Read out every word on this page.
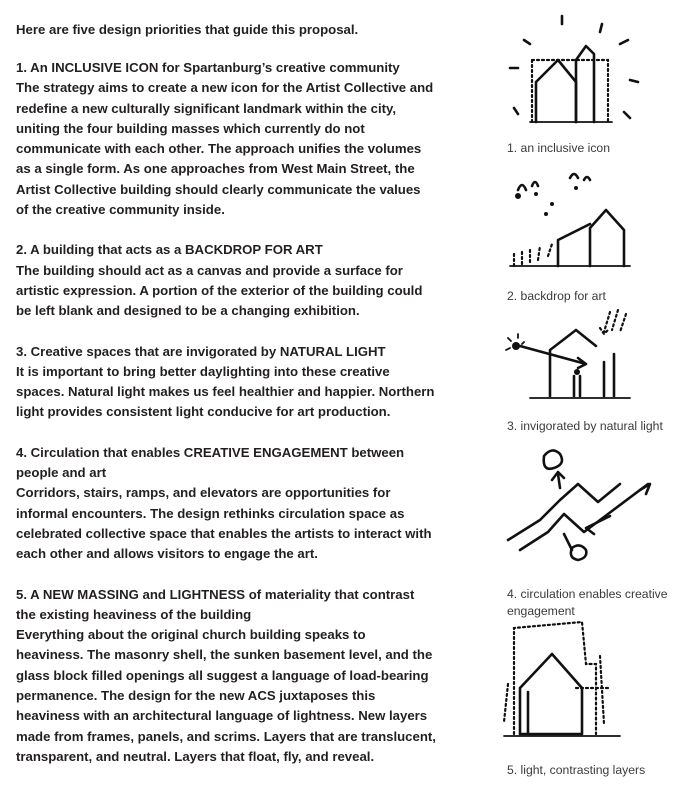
Here are five design priorities that guide this proposal.

1. An INCLUSIVE ICON for Spartanburg’s creative community

The strategy aims to create a new icon for the Artist Collective and redefine a new culturally significant landmark within the city, uniting the four building masses which currently do not communicate with each other. The approach unifies the volumes as a single form. As one approaches from West Main Street, the Artist Collective building should clearly communicate the values of the creative community inside.

2. A building that acts as a BACKDROP FOR ART

The building should act as a canvas and provide a surface for artistic expression. A portion of the exterior of the building could be left blank and designed to be a changing exhibition.

3. Creative spaces that are invigorated by NATURAL LIGHT

It is important to bring better daylighting into these creative spaces. Natural light makes us feel healthier and happier. Northern light provides consistent light conducive for art production.

4. Circulation that enables CREATIVE ENGAGEMENT between people and art

Corridors, stairs, ramps, and elevators are opportunities for informal encounters. The design rethinks circulation space as celebrated collective space that enables the artists to interact with each other and allows visitors to engage the art.

5. A NEW MASSING and LIGHTNESS of materiality that contrast the existing heaviness of the building

Everything about the original church building speaks to heaviness. The masonry shell, the sunken basement level, and the glass block filled openings all suggest a language of load-bearing permanence. The design for the new ACS juxtaposes this heaviness with an architectural language of lightness. New layers made from frames, panels, and scrims. Layers that are translucent, transparent, and neutral. Layers that float, fly, and reveal.

1. an inclusive icon

2. backdrop for art

3. invigorated by natural light

4. circulation enables creative engagement

5. light, contrasting layers
